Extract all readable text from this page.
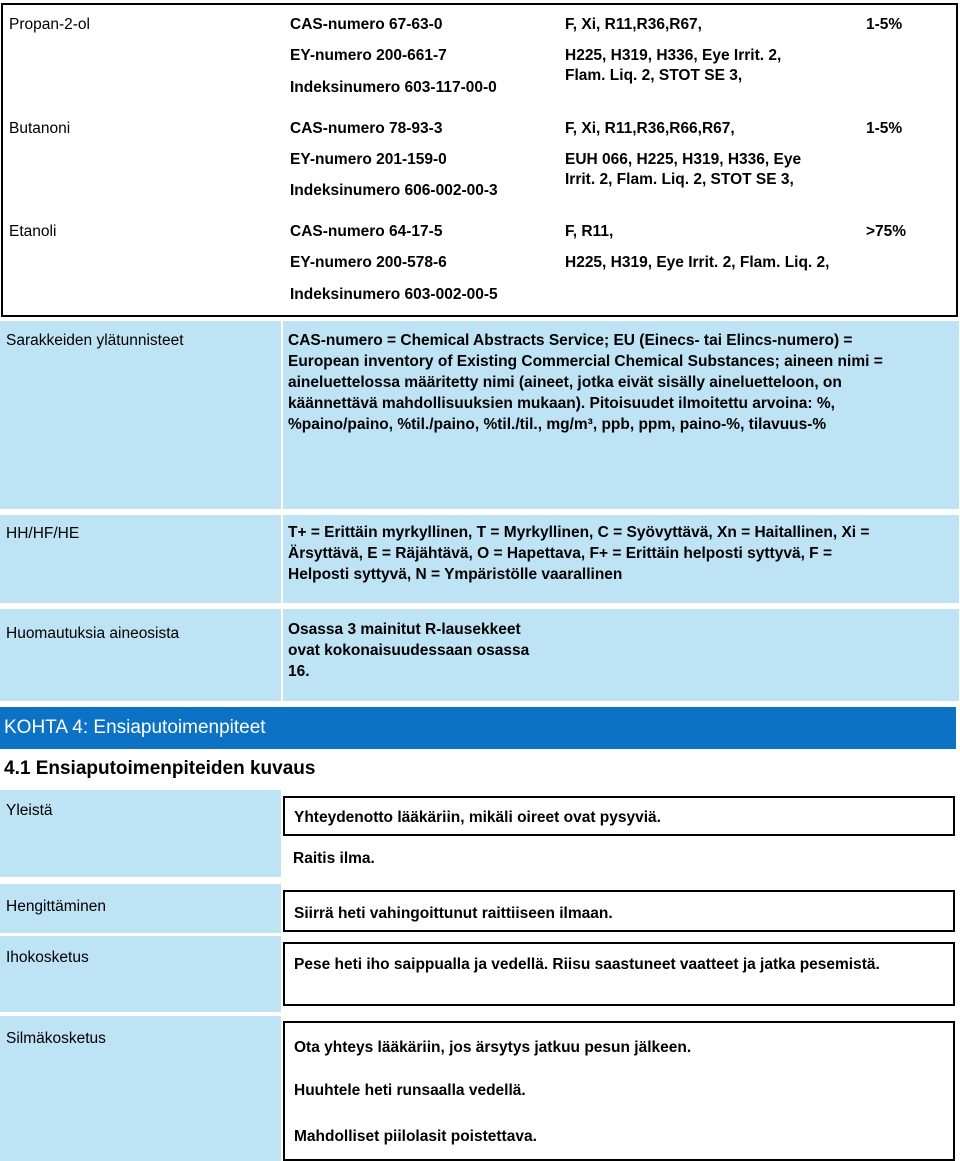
Propan-2-ol	CAS-numero 67-63-0
EY-numero 200-661-7
Indeksinumero 603-117-00-0
F, Xi, R11,R36,R67,
H225, H319, H336, Eye Irrit. 2,
Flam. Liq. 2, STOT SE 3,
1-5%
Butanoni	CAS-numero 78-93-3
EY-numero 201-159-0
Indeksinumero 606-002-00-3
F, Xi, R11,R36,R66,R67,
EUH 066, H225, H319, H336, Eye
Irrit. 2, Flam. Liq. 2, STOT SE 3,
1-5%
Etanoli	CAS-numero 64-17-5
EY-numero 200-578-6
Indeksinumero 603-002-00-5
F, R11,
H225, H319, Eye Irrit. 2, Flam. Liq. 2,
>75%
Sarakkeiden ylätunnisteet	CAS-numero = Chemical Abstracts Service; EU (Einecs- tai Elincs-numero) = European inventory of Existing Commercial Chemical Substances; aineen nimi = aineluettelossa määritetty nimi (aineet, jotka eivät sisälly aineluetteloon, on käännettävä mahdollisuuksien mukaan). Pitoisuudet ilmoitettu arvoina: %, %paino/paino, %til./paino, %til./til., mg/m³, ppb, ppm, paino-%, tilavuus-%
HH/HF/HE	T+ = Erittäin myrkyllinen, T = Myrkyllinen, C = Syövyttävä, Xn = Haitallinen, Xi = Ärsyttävä, E = Räjähtävä, O = Hapettava, F+ = Erittäin helposti syttyvä, F = Helposti syttyvä, N = Ympäristölle vaarallinen
Huomautuksia aineosista	Osassa 3 mainitut R-lausekkeet ovat kokonaisuudessaan osassa 16.
KOHTA 4: Ensiaputoimenpiteet
4.1 Ensiaputoimenpiteiden kuvaus
Yleistä	Yhteydenotto lääkäriin, mikäli oireet ovat pysyviä.
Raitis ilma.
Hengittäminen	Siirrä heti vahingoittunut raittiiseen ilmaan.
Ihokosketus	Pese heti iho saippualla ja vedellä. Riisu saastuneet vaatteet ja jatka pesemistä.
Silmäkosketus
Ota yhteys lääkäriin, jos ärsytys jatkuu pesun jälkeen.
Huuhtele heti runsaalla vedellä.
Mahdolliset piilolasit poistettava.
